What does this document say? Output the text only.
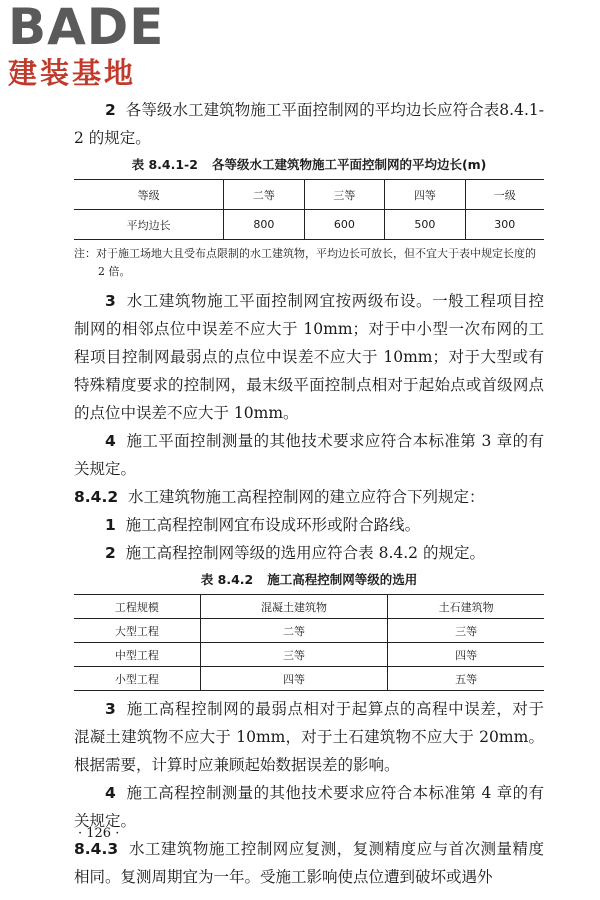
BADE
建装基地

2 各等级水工建筑物施工平面控制网的平均边长应符合表8.4.1-2 的规定。

表 8.4.1-2 各等级水工建筑物施工平面控制网的平均边长(m)
等级	二等	三等	四等	一级
平均边长	800	600	500	300

注：对于施工场地大且受布点限制的水工建筑物，平均边长可放长，但不宜大于表中规定长度的 2 倍。

3 水工建筑物施工平面控制网宜按两级布设。一般工程项目控制网的相邻点位中误差不应大于 10mm；对于中小型一次布网的工程项目控制网最弱点的点位中误差不应大于 10mm；对于大型或有特殊精度要求的控制网，最末级平面控制点相对于起始点或首级网点的点位中误差不应大于 10mm。

4 施工平面控制测量的其他技术要求应符合本标准第 3 章的有关规定。

8.4.2 水工建筑物施工高程控制网的建立应符合下列规定：

1 施工高程控制网宜布设成环形或附合路线。

2 施工高程控制网等级的选用应符合表 8.4.2 的规定。

表 8.4.2 施工高程控制网等级的选用
工程规模	混凝土建筑物	土石建筑物
大型工程	二等	三等
中型工程	三等	四等
小型工程	四等	五等

3 施工高程控制网的最弱点相对于起算点的高程中误差，对于混凝土建筑物不应大于 10mm，对于土石建筑物不应大于 20mm。根据需要，计算时应兼顾起始数据误差的影响。

4 施工高程控制测量的其他技术要求应符合本标准第 4 章的有关规定。

8.4.3 水工建筑物施工控制网应复测，复测精度应与首次测量精度相同。复测周期宜为一年。受施工影响使点位遭到破坏或遇外

· 126 ·
